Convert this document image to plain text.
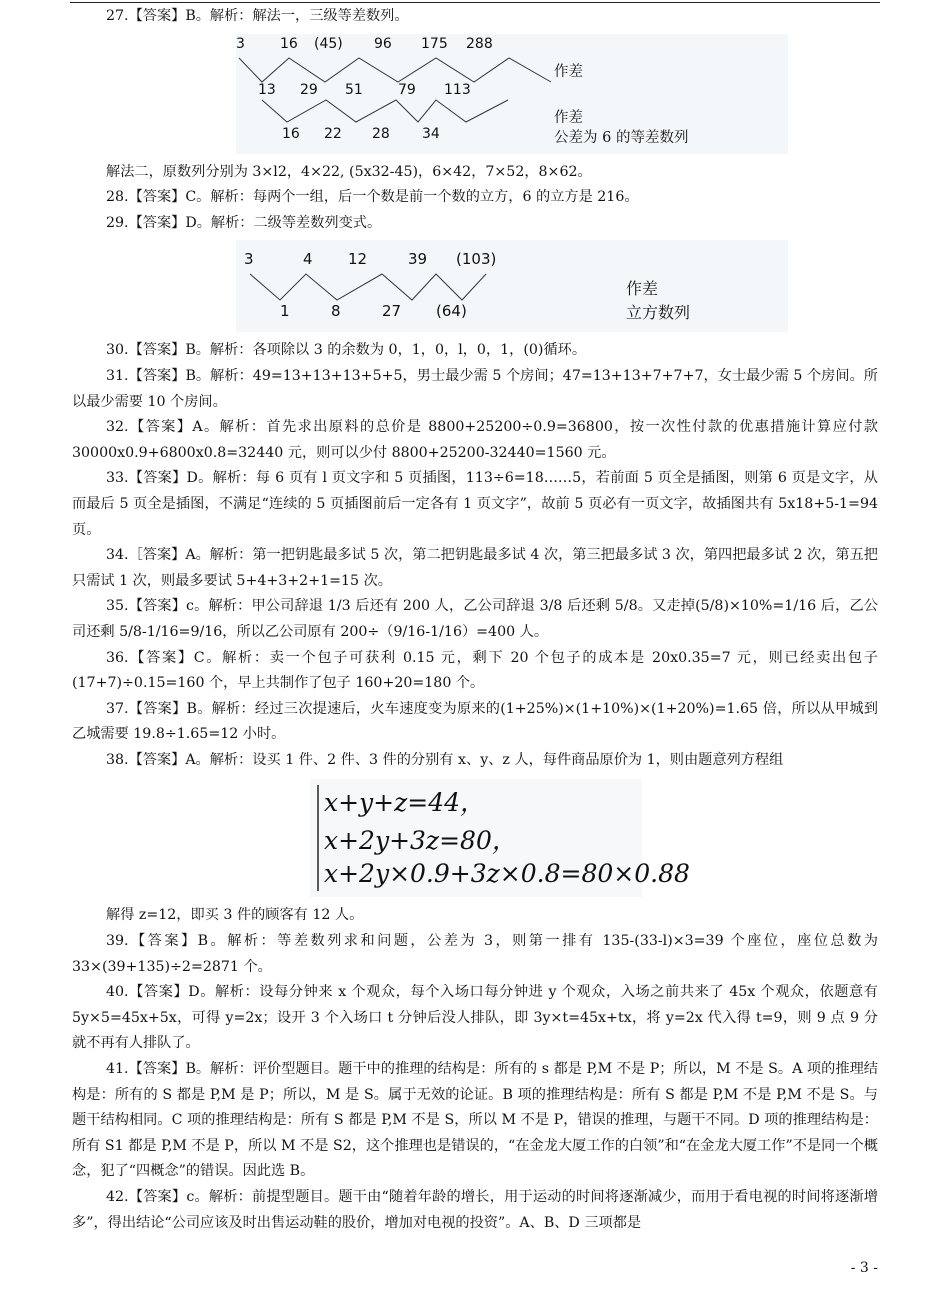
27.【答案】B。解析：解法一，三级等差数列。

3	16 (45) 96 175 288
13 29 51	79 113
16 22 28 34
作差
作差
公差为 6 的等差数列

解法二，原数列分别为 3×l2，4×22, (5x32-45)，6×42，7×52，8×62。

28.【答案】C。解析：每两个一组，后一个数是前一个数的立方，6 的立方是 216。

29.【答案】D。解析：二级等差数列变式。

3	4 12	39 (103)
1	8	27 (64)
作差
立方数列

30.【答案】B。解析：各项除以 3 的余数为 0，1，0，l，0，1，(0)循环。

31.【答案】B。解析：49=13+13+13+5+5，男士最少需 5 个房间；47=13+13+7+7+7，女士最少需 5 个房间。所以最少需要 10 个房间。

32.【答案】A。解析：首先求出原料的总价是 8800+25200÷0.9=36800，按一次性付款的优惠措施计算应付款 30000x0.9+6800x0.8=32440 元，则可以少付 8800+25200-32440=1560 元。

33.【答案】D。解析：每 6 页有 l 页文字和 5 页插图，113÷6=18……5，若前面 5 页全是插图，则第 6 页是文字，从而最后 5 页全是插图，不满足“连续的 5 页插图前后一定各有 1 页文字”，故前 5 页必有一页文字，故插图共有 5x18+5-1=94 页。

34.［答案】A。解析：第一把钥匙最多试 5 次，第二把钥匙最多试 4 次，第三把最多试 3 次，第四把最多试 2 次，第五把只需试 1 次，则最多要试 5+4+3+2+1=15 次。

35.【答案】c。解析：甲公司辞退 1/3 后还有 200 人，乙公司辞退 3/8 后还剩 5/8。又走掉(5/8)×10%=1/16 后，乙公司还剩 5/8-1/16=9/16，所以乙公司原有 200÷（9/16-1/16）=400 人。

36.【答案】C。解析：卖一个包子可获利 0.15 元，剩下 20 个包子的成本是 20x0.35=7 元，则已经卖出包子(17+7)÷0.15=160 个，早上共制作了包子 160+20=180 个。

37.【答案】B。解析：经过三次提速后，火车速度变为原来的(1+25%)×(1+10%)×(1+20%)=1.65 倍，所以从甲城到乙城需要 19.8÷1.65=12 小时。

38.【答案】A。解析：设买 1 件、2 件、3 件的分别有 x、y、z 人，每件商品原价为 1，则由题意列方程组

x+y+z=44，
x+2y+3z=80，
x+2y×0.9+3z×0.8=80×0.88

解得 z=12，即买 3 件的顾客有 12 人。

39.【答案】B。解析：等差数列求和问题，公差为 3，则第一排有 135-(33-l)×3=39 个座位，座位总数为 33×(39+135)÷2=2871 个。

40.【答案】D。解析：设每分钟来 x 个观众，每个入场口每分钟进 y 个观众，入场之前共来了 45x 个观众，依题意有 5y×5=45x+5x，可得 y=2x；设开 3 个入场口 t 分钟后没人排队，即 3y×t=45x+tx，将 y=2x 代入得 t=9，则 9 点 9 分就不再有人排队了。

41.【答案】B。解析：评价型题目。题干中的推理的结构是：所有的 s 都是 P,M 不是 P；所以，M 不是 S。A 项的推理结构是：所有的 S 都是 P,M 是 P；所以，M 是 S。属于无效的论证。B 项的推理结构是：所有 S 都是 P,M 不是 P,M 不是 S。与题干结构相同。C 项的推理结构是：所有 S 都是 P,M 不是 S，所以 M 不是 P，错误的推理，与题干不同。D 项的推理结构是：所有 S1 都是 P,M 不是 P，所以 M 不是 S2，这个推理也是错误的，“在金龙大厦工作的白领”和“在金龙大厦工作”不是同一个概念，犯了“四概念”的错误。因此选 B。

42.【答案】c。解析：前提型题目。题干由“随着年龄的增长，用于运动的时间将逐渐减少，而用于看电视的时间将逐渐增多”，得出结论“公司应该及时出售运动鞋的股价，增加对电视的投资”。A、B、D 三项都是

- 3 -
